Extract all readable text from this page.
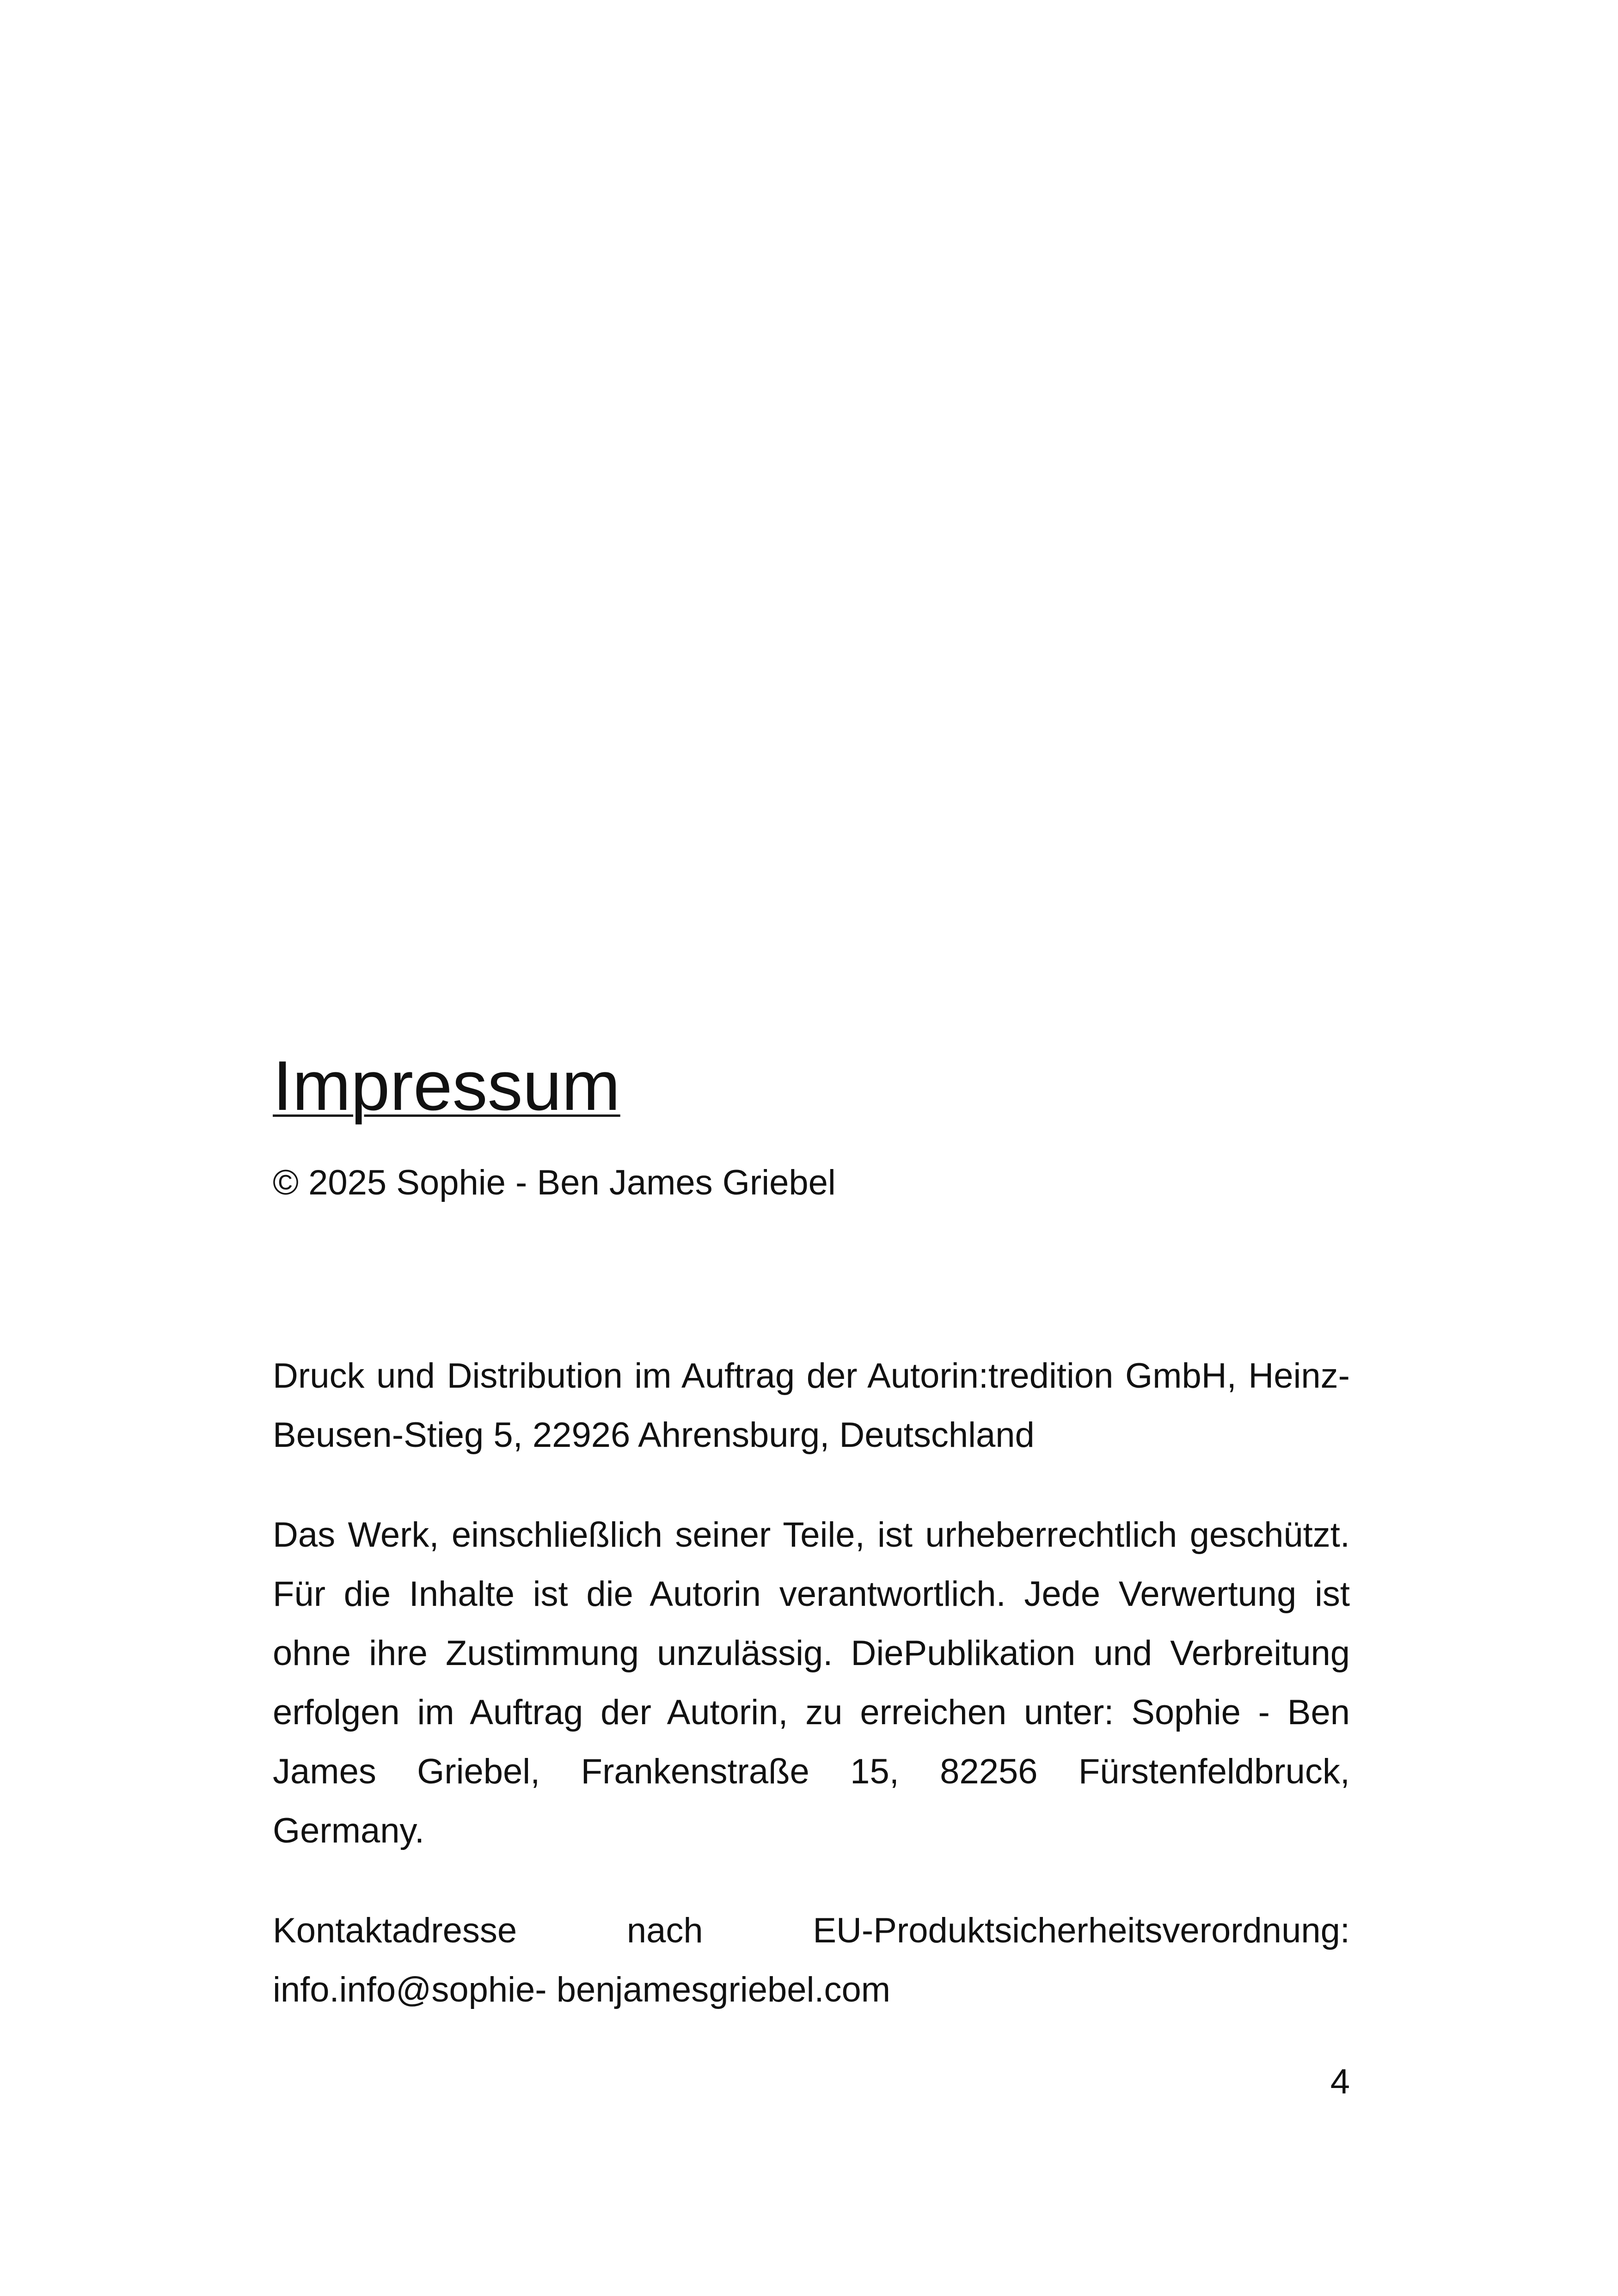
Impressum

© 2025 Sophie - Ben James Griebel

Druck und Distribution im Auftrag der Autorin:tredition GmbH, Heinz-Beusen-Stieg 5, 22926 Ahrensburg, Deutschland

Das Werk, einschließlich seiner Teile, ist urheberrechtlich geschützt. Für die Inhalte ist die Autorin verantwortlich. Jede Verwertung ist ohne ihre Zustimmung unzulässig. DiePublikation und Verbreitung erfolgen im Auftrag der Autorin, zu erreichen unter: Sophie - Ben James Griebel, Frankenstraße 15, 82256 Fürstenfeldbruck, Germany.

Kontaktadresse nach EU-Produktsicherheitsverordnung: info.info@sophie- benjamesgriebel.com

4
